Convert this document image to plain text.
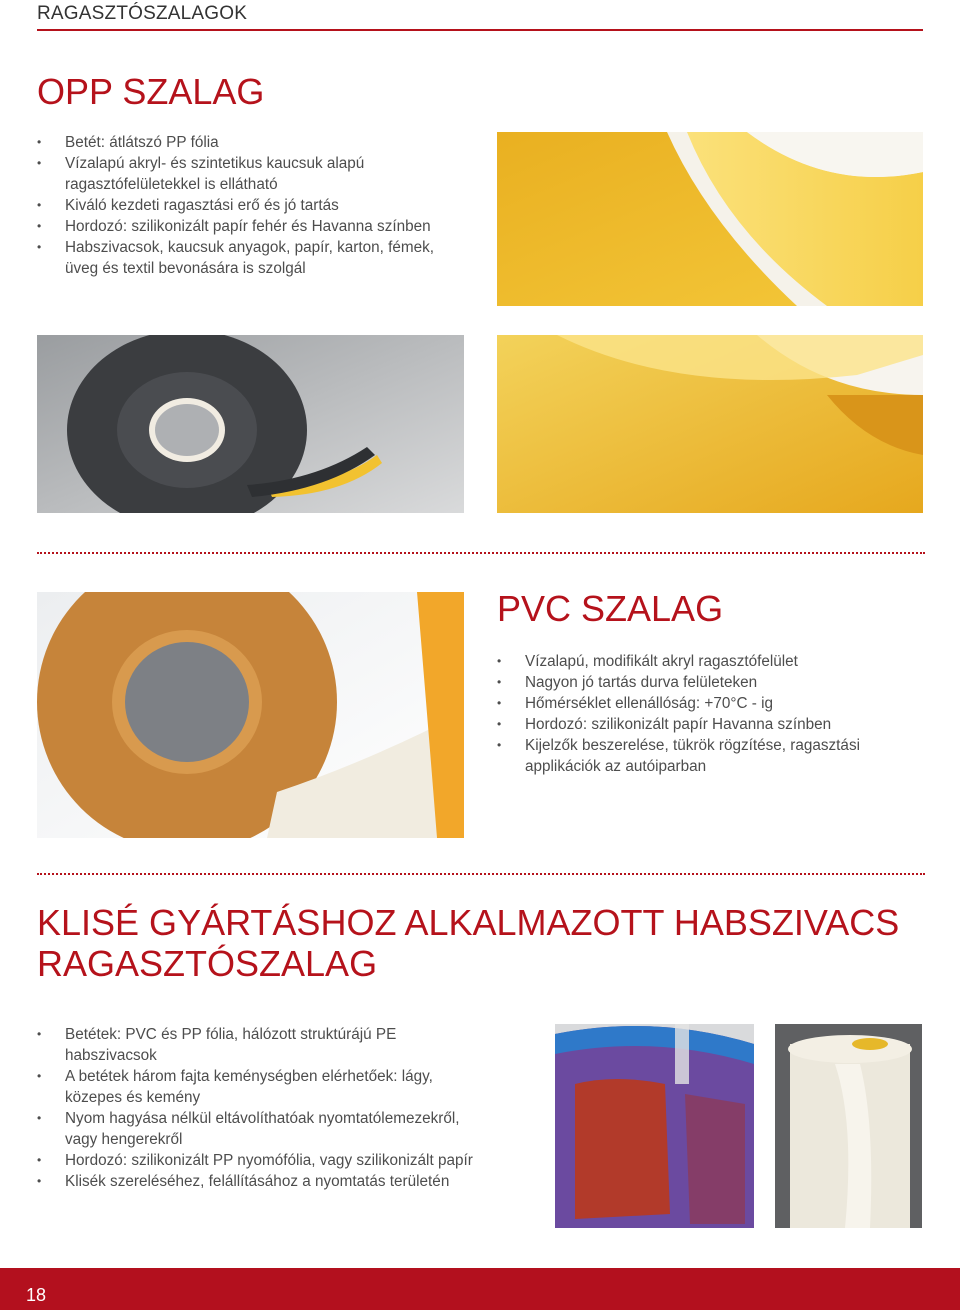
RAGASZTÓSZALAGOK
OPP SZALAG
• Betét: átlátszó PP fólia
• Vízalapú akryl- és szintetikus kaucsuk alapú ragasztófelületekkel is ellátható
• Kiváló kezdeti ragasztási erő és jó tartás
• Hordozó: szilikonizált papír fehér és Havanna színben
• Habszivacsok, kaucsuk anyagok, papír, karton, fémek, üveg és textil bevonására is szolgál
PVC SZALAG
• Vízalapú, modifikált akryl ragasztófelület
• Nagyon jó tartás durva felületeken
• Hőmérséklet ellenállóság: +70°C - ig
• Hordozó: szilikonizált papír Havanna színben
• Kijelzők beszerelése, tükrök rögzítése, ragasztási applikációk az autóiparban
KLISÉ GYÁRTÁSHOZ ALKALMAZOTT HABSZIVACS
RAGASZTÓSZALAG
• Betétek: PVC és PP fólia, hálózott struktúrájú PE habszivacsok
• A betétek három fajta keménységben elérhetőek: lágy, közepes és kemény
• Nyom hagyása nélkül eltávolíthatóak nyomtatólemezekről, vagy hengerekről
• Hordozó: szilikonizált PP nyomófólia, vagy szilikonizált papír
• Klisék szereléséhez, felállításához a nyomtatás területén
18
